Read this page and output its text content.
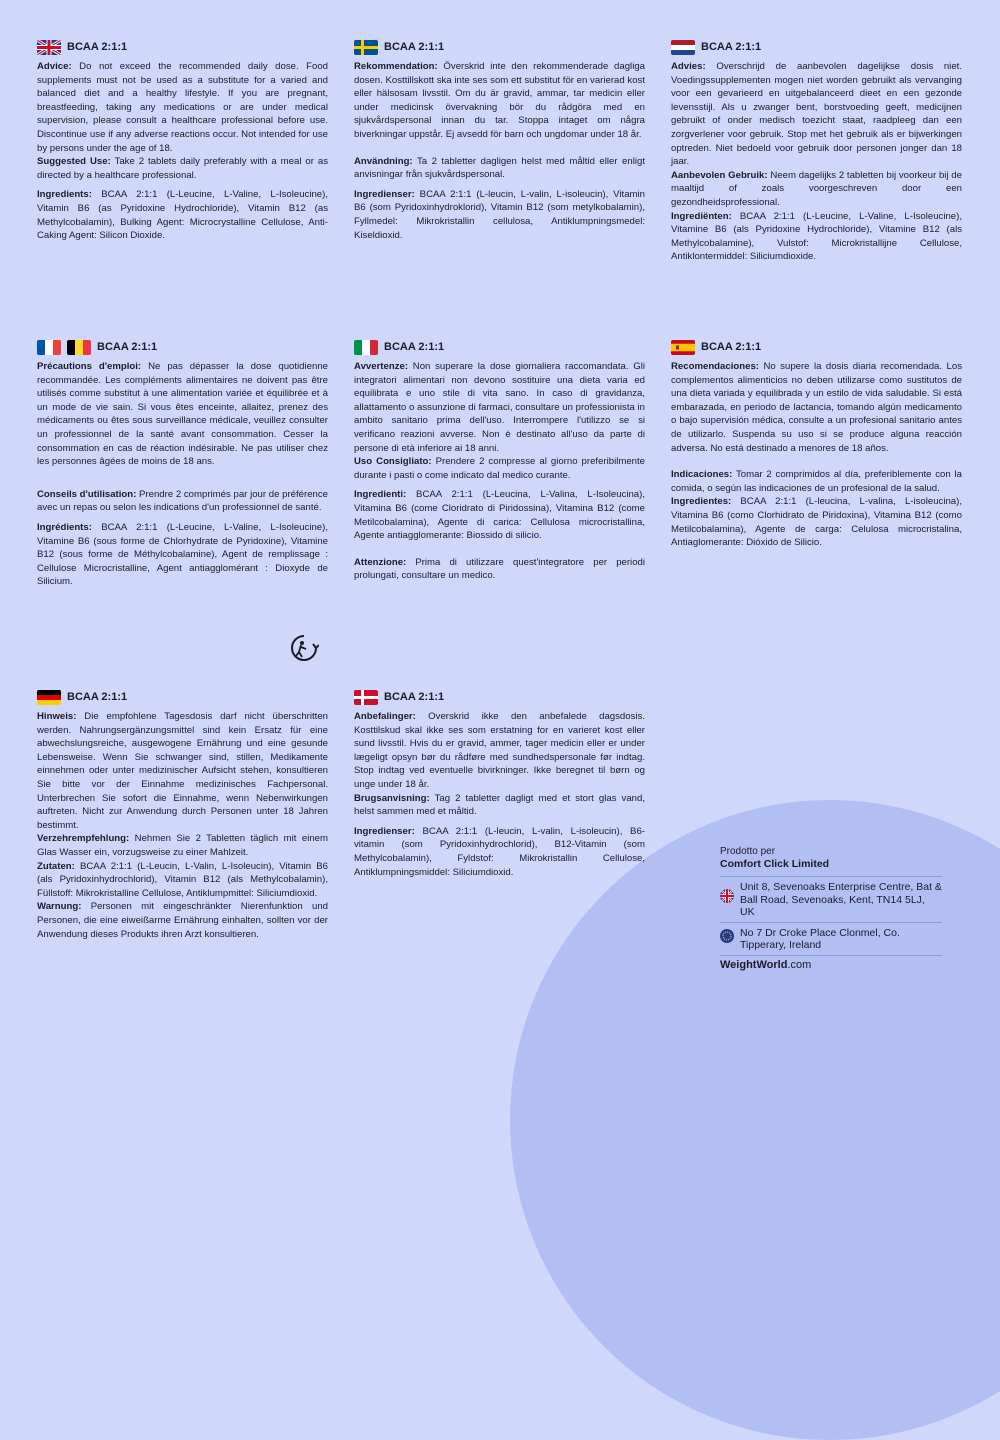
BCAA 2:1:1

Advice: Do not exceed the recommended daily dose. Food supplements must not be used as a substitute for a varied and balanced diet and a healthy lifestyle. If you are pregnant, breastfeeding, taking any medications or are under medical supervision, please consult a healthcare professional before use. Discontinue use if any adverse reactions occur. Not intended for use by persons under the age of 18.

Suggested Use: Take 2 tablets daily preferably with a meal or as directed by a healthcare professional.

Ingredients: BCAA 2:1:1 (L-Leucine, L-Valine, L-Isoleucine), Vitamin B6 (as Pyridoxine Hydrochloride), Vitamin B12 (as Methylcobalamin), Bulking Agent: Microcrystalline Cellulose, Anti-Caking Agent: Silicon Dioxide.

BCAA 2:1:1

Rekommendation: Överskrid inte den rekommenderade dagliga dosen. Kosttillskott ska inte ses som ett substitut för en varierad kost eller hälsosam livsstil. Om du är gravid, ammar, tar medicin eller under medicinsk övervakning bör du rådgöra med en sjukvårdspersonal innan du tar. Stoppa intaget om några biverkningar uppstår. Ej avsedd för barn och ungdomar under 18 år.

Användning: Ta 2 tabletter dagligen helst med måltid eller enligt anvisningar från sjukvårdspersonal.

Ingredienser: BCAA 2:1:1 (L-leucin, L-valin, L-isoleucin), Vitamin B6 (som Pyridoxinhydroklorid), Vitamin B12 (som metylkobalamin), Fyllmedel: Mikrokristallin cellulosa, Antiklumpningsmedel: Kiseldioxid.

BCAA 2:1:1

Advies: Overschrijd de aanbevolen dagelijkse dosis niet. Voedingssupplementen mogen niet worden gebruikt als vervanging voor een gevarieerd en uitgebalanceerd dieet en een gezonde levensstijl. Als u zwanger bent, borstvoeding geeft, medicijnen gebruikt of onder medisch toezicht staat, raadpleeg dan een zorgverlener voor gebruik. Stop met het gebruik als er bijwerkingen optreden. Niet bedoeld voor gebruik door personen jonger dan 18 jaar.

Aanbevolen Gebruik: Neem dagelijks 2 tabletten bij voorkeur bij de maaltijd of zoals voorgeschreven door een gezondheidsprofessional.

Ingrediënten: BCAA 2:1:1 (L-Leucine, L-Valine, L-Isoleucine), Vitamine B6 (als Pyridoxine Hydrochloride), Vitamine B12 (als Methylcobalamine), Vulstof: Microkristallijne Cellulose, Antiklontermiddel: Siliciumdioxide.

BCAA 2:1:1

Précautions d'emploi: Ne pas dépasser la dose quotidienne recommandée. Les compléments alimentaires ne doivent pas être utilisés comme substitut à une alimentation variée et équilibrée et à un mode de vie sain. Si vous êtes enceinte, allaitez, prenez des médicaments ou êtes sous surveillance médicale, veuillez consulter un professionnel de la santé avant consommation. Cesser la consommation en cas de réaction indésirable. Ne pas utiliser chez les personnes âgées de moins de 18 ans.

Conseils d'utilisation: Prendre 2 comprimés par jour de préférence avec un repas ou selon les indications d'un professionnel de santé.

Ingrédients: BCAA 2:1:1 (L-Leucine, L-Valine, L-Isoleucine), Vitamine B6 (sous forme de Chlorhydrate de Pyridoxine), Vitamine B12 (sous forme de Méthylcobalamine), Agent de remplissage : Cellulose Microcristalline, Agent antiagglomérant : Dioxyde de Silicium.

BCAA 2:1:1

Avvertenze: Non superare la dose giornaliera raccomandata. Gli integratori alimentari non devono sostituire una dieta varia ed equilibrata e uno stile di vita sano. In caso di gravidanza, allattamento o assunzione di farmaci, consultare un professionista in ambito sanitario prima dell'uso. Interrompere l'utilizzo se si verificano reazioni avverse. Non è destinato all'uso da parte di persone di età inferiore ai 18 anni.

Uso Consigliato: Prendere 2 compresse al giorno preferibilmente durante i pasti o come indicato dal medico curante.

Ingredienti: BCAA 2:1:1 (L-Leucina, L-Valina, L-Isoleucina), Vitamina B6 (come Cloridrato di Piridossina), Vitamina B12 (come Metilcobalamina), Agente di carica: Cellulosa microcristallina, Agente antiagglomerante: Biossido di silicio.

Attenzione: Prima di utilizzare quest'integratore per periodi prolungati, consultare un medico.

BCAA 2:1:1

Recomendaciones: No supere la dosis diaria recomendada. Los complementos alimenticios no deben utilizarse como sustitutos de una dieta variada y equilibrada y un estilo de vida saludable. Si está embarazada, en periodo de lactancia, tomando algún medicamento o bajo supervisión médica, consulte a un profesional sanitario antes de utilizarlo. Suspenda su uso si se produce alguna reacción adversa. No está destinado a menores de 18 años.

Indicaciones: Tomar 2 comprimidos al día, preferiblemente con la comida, o según las indicaciones de un profesional de la salud.

Ingredientes: BCAA 2:1:1 (L-leucina, L-valina, L-isoleucina), Vitamina B6 (como Clorhidrato de Piridoxina), Vitamina B12 (como Metilcobalamina), Agente de carga: Celulosa microcristalina, Antiaglomerante: Dióxido de Silicio.

BCAA 2:1:1

Hinweis: Die empfohlene Tagesdosis darf nicht überschritten werden. Nahrungsergänzungsmittel sind kein Ersatz für eine abwechslungsreiche, ausgewogene Ernährung und eine gesunde Lebensweise. Wenn Sie schwanger sind, stillen, Medikamente einnehmen oder unter medizinischer Aufsicht stehen, konsultieren Sie bitte vor der Einnahme medizinisches Fachpersonal. Unterbrechen Sie sofort die Einnahme, wenn Nebenwirkungen auftreten. Nicht zur Anwendung durch Personen unter 18 Jahren bestimmt.

Verzehrempfehlung: Nehmen Sie 2 Tabletten täglich mit einem Glas Wasser ein, vorzugsweise zu einer Mahlzeit.

Zutaten: BCAA 2:1:1 (L-Leucin, L-Valin, L-Isoleucin), Vitamin B6 (als Pyridoxinhydrochlorid), Vitamin B12 (als Methylcobalamin), Füllstoff: Mikrokristalline Cellulose, Antiklumpmittel: Siliciumdioxid.

Warnung: Personen mit eingeschränkter Nierenfunktion und Personen, die eine eiweißarme Ernährung einhalten, sollten vor der Anwendung dieses Produkts ihren Arzt konsultieren.

BCAA 2:1:1

Anbefalinger: Overskrid ikke den anbefalede dagsdosis. Kosttilskud skal ikke ses som erstatning for en varieret kost eller sund livsstil. Hvis du er gravid, ammer, tager medicin eller er under lægeligt opsyn bør du rådføre med sundhedspersonale før indtag. Stop indtag ved eventuelle bivirkninger. Ikke beregnet til børn og unge under 18 år.

Brugsanvisning: Tag 2 tabletter dagligt med et stort glas vand, helst sammen med et måltid.

Ingredienser: BCAA 2:1:1 (L-leucin, L-valin, L-isoleucin), B6-vitamin (som Pyridoxinhydrochlorid), B12-Vitamin (som Methylcobalamin), Fyldstof: Mikrokristallin Cellulose, Antiklumpningsmiddel: Siliciumdioxid.

Prodotto per
Comfort Click Limited
Unit 8, Sevenoaks Enterprise Centre, Bat & Ball Road, Sevenoaks, Kent, TN14 5LJ, UK
No 7 Dr Croke Place Clonmel, Co. Tipperary, Ireland
WeightWorld.com
